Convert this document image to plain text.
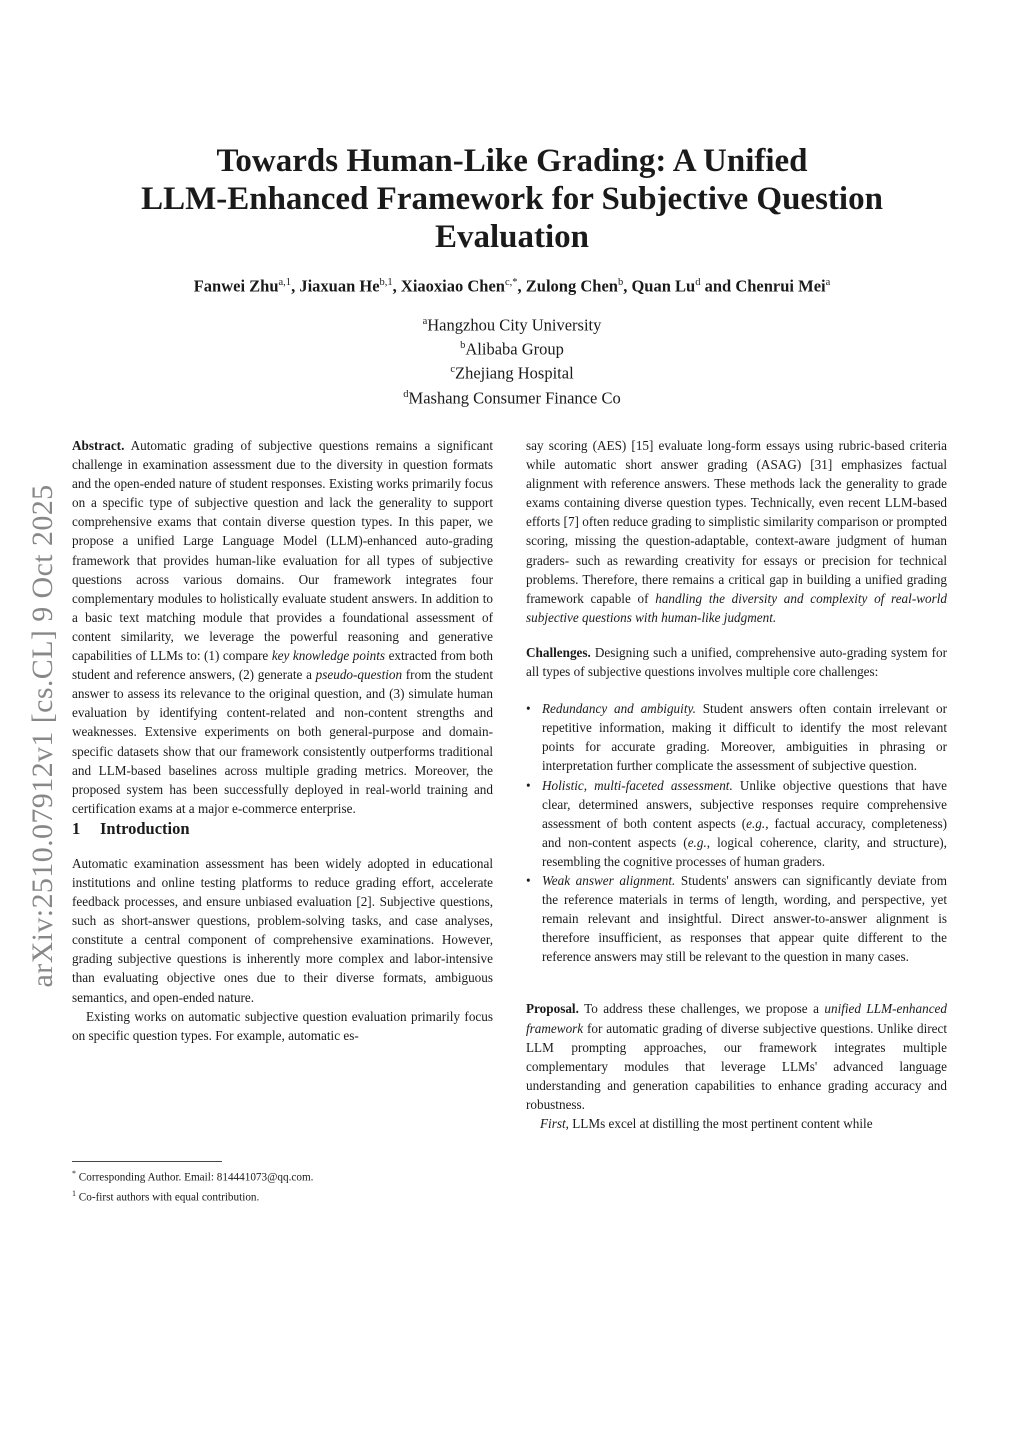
Towards Human-Like Grading: A Unified
LLM-Enhanced Framework for Subjective Question
Evaluation
Fanwei Zhu$^{a,1}$, Jiaxuan He$^{b,1}$, Xiaoxiao Chen$^{c,*}$, Zulong Chen$^b$, Quan Lu$^d$ and Chenrui Mei$^a$
$^a$Hangzhou City University
$^b$Alibaba Group
$^c$Zhejiang Hospital
$^d$Mashang Consumer Finance Co
arXiv:2510.07912v1 [cs.CL] 9 Oct 2025

Abstract. Automatic grading of subjective questions remains a significant challenge in examination assessment due to the diversity in question formats and the open-ended nature of student responses. Existing works primarily focus on a specific type of subjective question and lack the generality to support comprehensive exams that contain diverse question types. In this paper, we propose a unified Large Language Model (LLM)-enhanced auto-grading framework that provides human-like evaluation for all types of subjective questions across various domains. Our framework integrates four complementary modules to holistically evaluate student answers. In addition to a basic text matching module that provides a foundational assessment of content similarity, we leverage the powerful reasoning and generative capabilities of LLMs to: (1) compare key knowledge points extracted from both student and reference answers, (2) generate a pseudo-question from the student answer to assess its relevance to the original question, and (3) simulate human evaluation by identifying content-related and non-content strengths and weaknesses. Extensive experiments on both general-purpose and domain-specific datasets show that our framework consistently outperforms traditional and LLM-based baselines across multiple grading metrics. Moreover, the proposed system has been successfully deployed in real-world training and certification exams at a major e-commerce enterprise.

1 Introduction

Automatic examination assessment has been widely adopted in educational institutions and online testing platforms to reduce grading effort, accelerate feedback processes, and ensure unbiased evaluation [2]. Subjective questions, such as short-answer questions, problem-solving tasks, and case analyses, constitute a central component of comprehensive examinations. However, grading subjective questions is inherently more complex and labor-intensive than evaluating objective ones due to their diverse formats, ambiguous semantics, and open-ended nature.

Existing works on automatic subjective question evaluation primarily focus on specific question types. For example, automatic es-

say scoring (AES) [15] evaluate long-form essays using rubric-based criteria while automatic short answer grading (ASAG) [31] emphasizes factual alignment with reference answers. These methods lack the generality to grade exams containing diverse question types. Technically, even recent LLM-based efforts [7] often reduce grading to simplistic similarity comparison or prompted scoring, missing the question-adaptable, context-aware judgment of human graders- such as rewarding creativity for essays or precision for technical problems. Therefore, there remains a critical gap in building a unified grading framework capable of handling the diversity and complexity of real-world subjective questions with human-like judgment.

Challenges. Designing such a unified, comprehensive auto-grading system for all types of subjective questions involves multiple core challenges:

• Redundancy and ambiguity. Student answers often contain irrelevant or repetitive information, making it difficult to identify the most relevant points for accurate grading. Moreover, ambiguities in phrasing or interpretation further complicate the assessment of subjective question.
• Holistic, multi-faceted assessment. Unlike objective questions that have clear, determined answers, subjective responses require comprehensive assessment of both content aspects (e.g., factual accuracy, completeness) and non-content aspects (e.g., logical coherence, clarity, and structure), resembling the cognitive processes of human graders.
• Weak answer alignment. Students' answers can significantly deviate from the reference materials in terms of length, wording, and perspective, yet remain relevant and insightful. Direct answer-to-answer alignment is therefore insufficient, as responses that appear quite different to the reference answers may still be relevant to the question in many cases.

Proposal. To address these challenges, we propose a unified LLM-enhanced framework for automatic grading of diverse subjective questions. Unlike direct LLM prompting approaches, our framework integrates multiple complementary modules that leverage LLMs' advanced language understanding and generation capabilities to enhance grading accuracy and robustness.

First, LLMs excel at distilling the most pertinent content while

* Corresponding Author. Email: 814441073@qq.com.
$^1$ Co-first authors with equal contribution.
